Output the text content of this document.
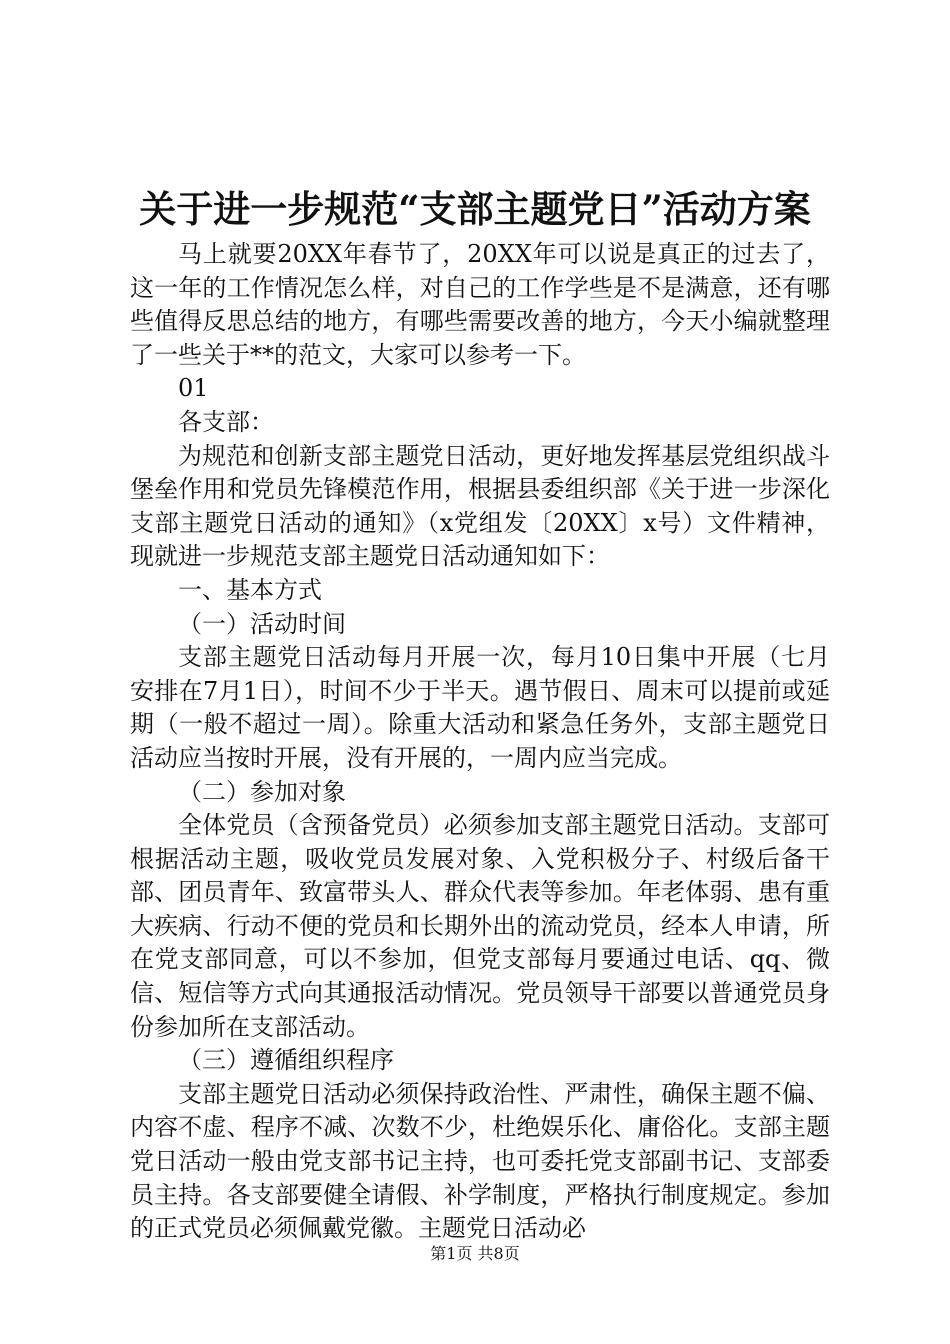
关于进一步规范“支部主题党日”活动方案

马上就要20XX年春节了，20XX年可以说是真正的过去了，这一年的工作情况怎么样，对自己的工作学些是不是满意，还有哪些值得反思总结的地方，有哪些需要改善的地方，今天小编就整理了一些关于**的范文，大家可以参考一下。

01

各支部：

为规范和创新支部主题党日活动，更好地发挥基层党组织战斗堡垒作用和党员先锋模范作用，根据县委组织部《关于进一步深化支部主题党日活动的通知》（x党组发〔20XX〕x号）文件精神，现就进一步规范支部主题党日活动通知如下：

一、基本方式

（一）活动时间

支部主题党日活动每月开展一次，每月10日集中开展（七月安排在7月1日），时间不少于半天。遇节假日、周末可以提前或延期（一般不超过一周）。除重大活动和紧急任务外，支部主题党日活动应当按时开展，没有开展的，一周内应当完成。

（二）参加对象

全体党员（含预备党员）必须参加支部主题党日活动。支部可根据活动主题，吸收党员发展对象、入党积极分子、村级后备干部、团员青年、致富带头人、群众代表等参加。年老体弱、患有重大疾病、行动不便的党员和长期外出的流动党员，经本人申请，所在党支部同意，可以不参加，但党支部每月要通过电话、qq、微信、短信等方式向其通报活动情况。党员领导干部要以普通党员身份参加所在支部活动。

（三）遵循组织程序

支部主题党日活动必须保持政治性、严肃性，确保主题不偏、内容不虚、程序不减、次数不少，杜绝娱乐化、庸俗化。支部主题党日活动一般由党支部书记主持，也可委托党支部副书记、支部委员主持。各支部要健全请假、补学制度，严格执行制度规定。参加的正式党员必须佩戴党徽。主题党日活动必

第1页 共8页
